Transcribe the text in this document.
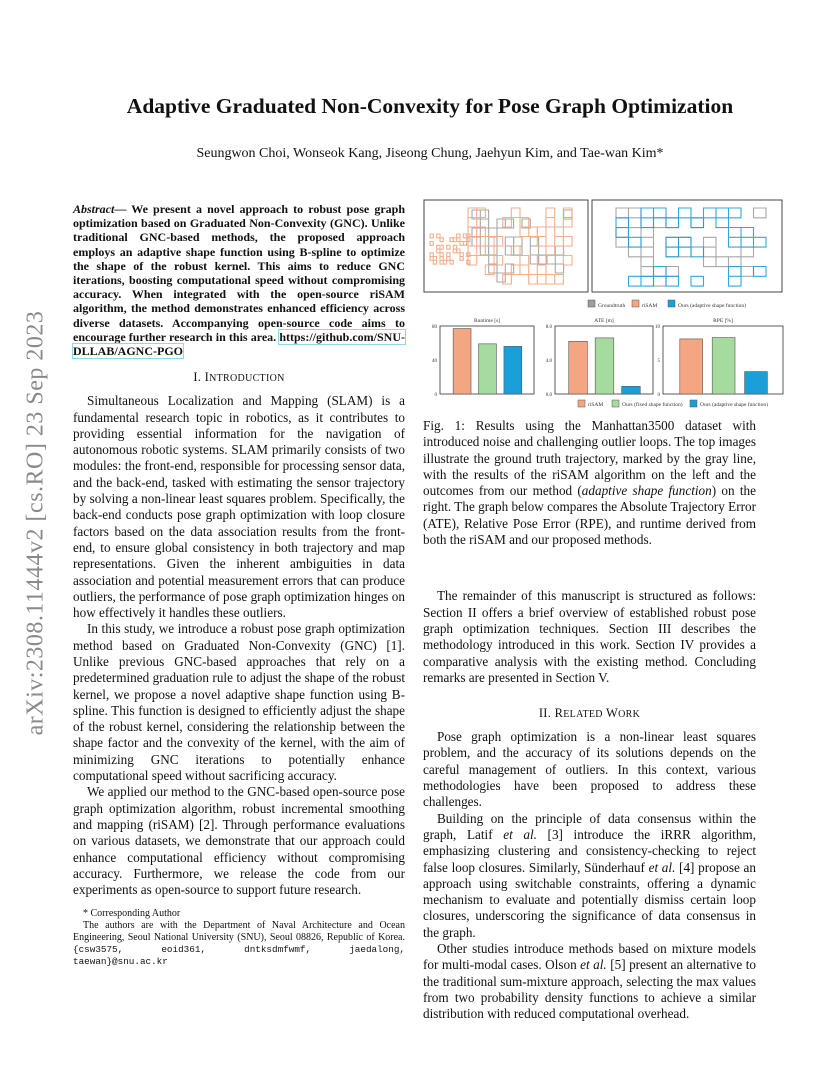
arXiv:2308.11444v2 [cs.RO] 23 Sep 2023
Adaptive Graduated Non-Convexity for Pose Graph Optimization

Seungwon Choi, Wonseok Kang, Jiseong Chung, Jaehyun Kim, and Tae-wan Kim*

Abstract— We present a novel approach to robust pose graph optimization based on Graduated Non-Convexity (GNC). Unlike traditional GNC-based methods, the proposed approach employs an adaptive shape function using B-spline to optimize the shape of the robust kernel. This aims to reduce GNC iterations, boosting computational speed without compromising accuracy. When integrated with the open-source riSAM algorithm, the method demonstrates enhanced efficiency across diverse datasets. Accompanying open-source code aims to encourage further research in this area. https://github.com/SNU-DLLAB/AGNC-PGO

I. INTRODUCTION

Simultaneous Localization and Mapping (SLAM) is a fundamental research topic in robotics, as it contributes to providing essential information for the navigation of autonomous robotic systems. SLAM primarily consists of two modules: the front-end, responsible for processing sensor data, and the back-end, tasked with estimating the sensor trajectory by solving a non-linear least squares problem. Specifically, the back-end conducts pose graph optimization with loop closure factors based on the data association results from the front-end, to ensure global consistency in both trajectory and map representations. Given the inherent ambiguities in data association and potential measurement errors that can produce outliers, the performance of pose graph optimization hinges on how effectively it handles these outliers.

In this study, we introduce a robust pose graph optimization method based on Graduated Non-Convexity (GNC) [1]. Unlike previous GNC-based approaches that rely on a predetermined graduation rule to adjust the shape of the robust kernel, we propose a novel adaptive shape function using B-spline. This function is designed to efficiently adjust the shape of the robust kernel, considering the relationship between the shape factor and the convexity of the kernel, with the aim of minimizing GNC iterations to potentially enhance computational speed without sacrificing accuracy.

We applied our method to the GNC-based open-source pose graph optimization algorithm, robust incremental smoothing and mapping (riSAM) [2]. Through performance evaluations on various datasets, we demonstrate that our approach could enhance computational efficiency without compromising accuracy. Furthermore, we release the code from our experiments as open-source to support future research.

* Corresponding Author

The authors are with the Department of Naval Architecture and Ocean Engineering, Seoul National University (SNU), Seoul 08826, Republic of Korea. {csw3575, eoid361, dntksdmfwmf, jaedalong, taewan}@snu.ac.kr

Groundtruth	riSAM	Ours (adaptive shape function)
Runtime [s]
80
40
0
ATE [m]
8.0
4.0
0.0
RPE [%]
10
5
0
riSAM	Ours (fixed shape function)	Ours (adaptive shape function)

Fig. 1: Results using the Manhattan3500 dataset with introduced noise and challenging outlier loops. The top images illustrate the ground truth trajectory, marked by the gray line, with the results of the riSAM algorithm on the left and the outcomes from our method (adaptive shape function) on the right. The graph below compares the Absolute Trajectory Error (ATE), Relative Pose Error (RPE), and runtime derived from both the riSAM and our proposed methods.

The remainder of this manuscript is structured as follows: Section II offers a brief overview of established robust pose graph optimization techniques. Section III describes the methodology introduced in this work. Section IV provides a comparative analysis with the existing method. Concluding remarks are presented in Section V.

II. RELATED WORK

Pose graph optimization is a non-linear least squares problem, and the accuracy of its solutions depends on the careful management of outliers. In this context, various methodologies have been proposed to address these challenges.

Building on the principle of data consensus within the graph, Latif et al. [3] introduce the iRRR algorithm, emphasizing clustering and consistency-checking to reject false loop closures. Similarly, Sünderhauf et al. [4] propose an approach using switchable constraints, offering a dynamic mechanism to evaluate and potentially dismiss certain loop closures, underscoring the significance of data consensus in the graph.

Other studies introduce methods based on mixture models for multi-modal cases. Olson et al. [5] present an alternative to the traditional sum-mixture approach, selecting the max values from two probability density functions to achieve a similar distribution with reduced computational overhead.
